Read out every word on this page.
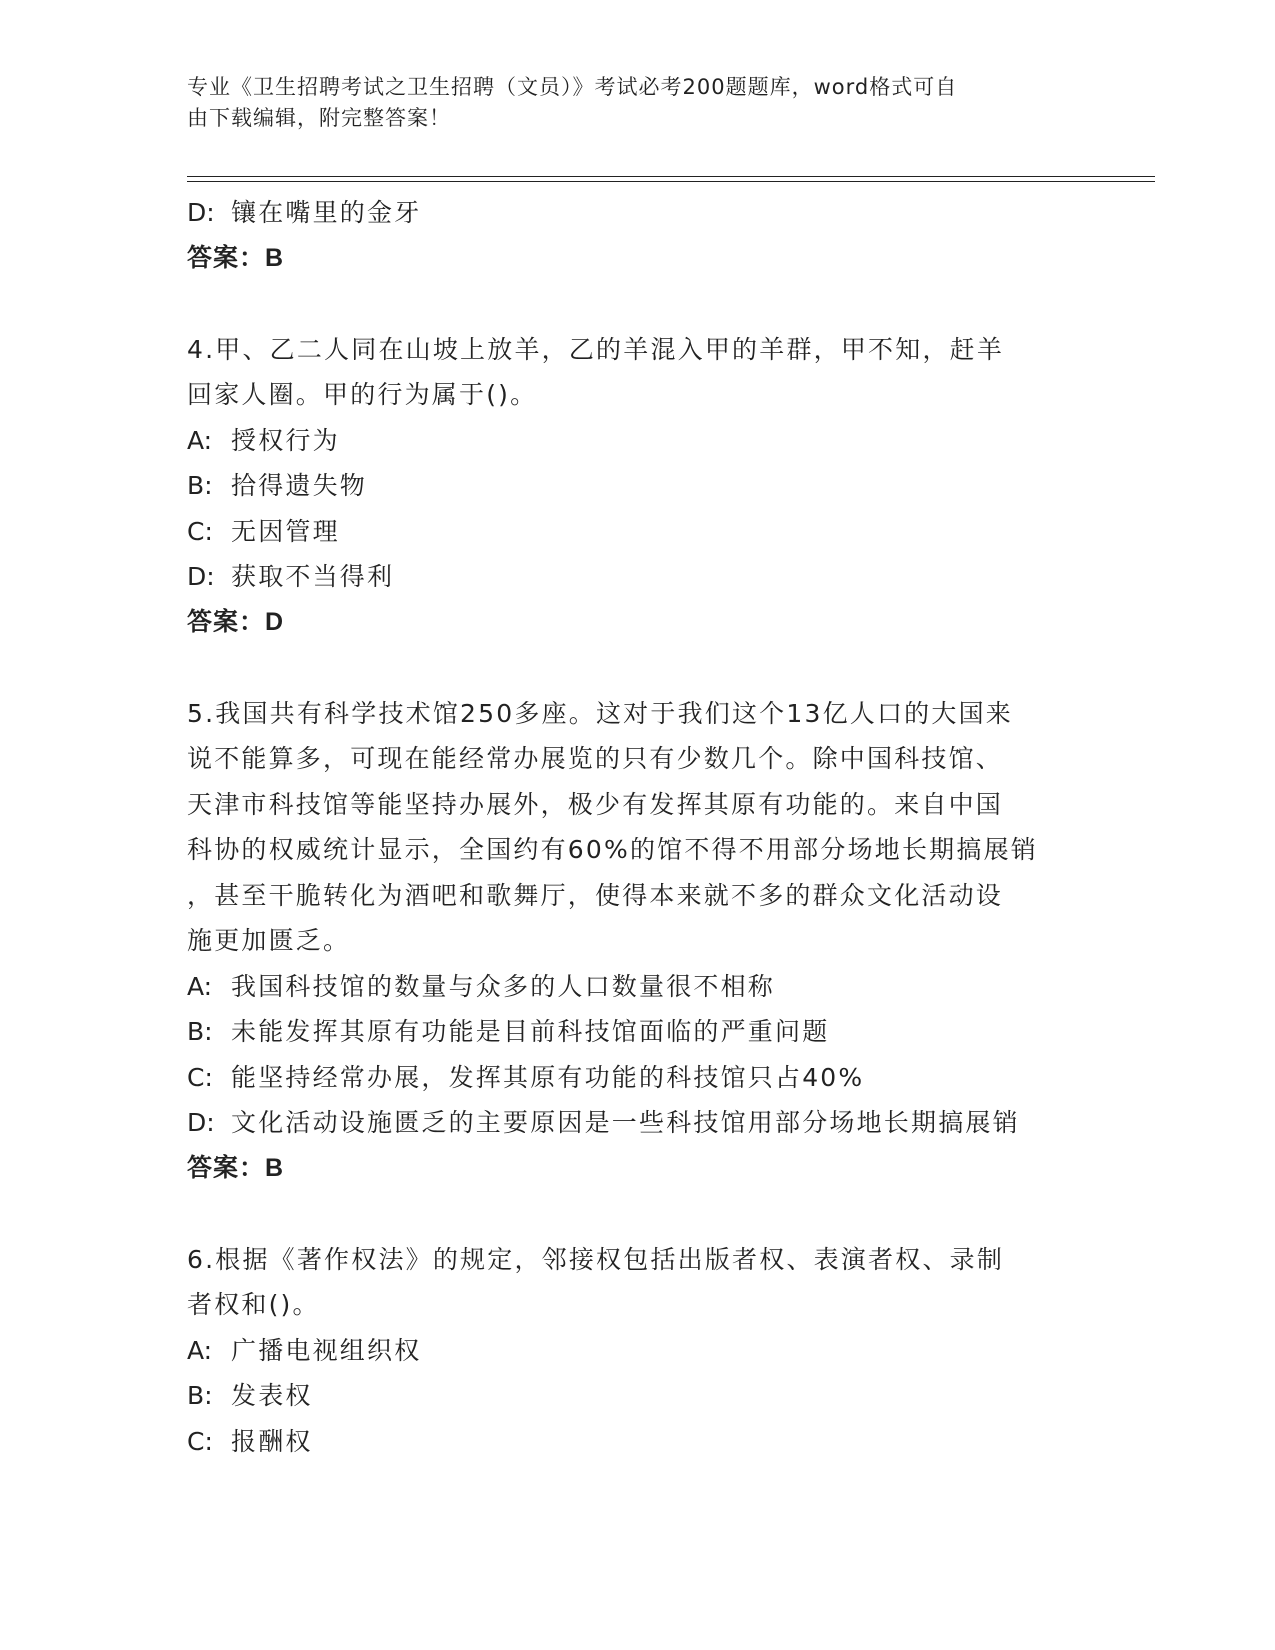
专业《卫生招聘考试之卫生招聘（文员）》考试必考200题题库，word格式可自
由下载编辑，附完整答案！
D: 镶在嘴里的金牙
答案：B
4.甲、乙二人同在山坡上放羊，乙的羊混入甲的羊群，甲不知，赶羊
回家人圈。甲的行为属于()。
A: 授权行为
B: 拾得遗失物
C: 无因管理
D: 获取不当得利
答案：D
5.我国共有科学技术馆250多座。这对于我们这个13亿人口的大国来
说不能算多，可现在能经常办展览的只有少数几个。除中国科技馆、
天津市科技馆等能坚持办展外，极少有发挥其原有功能的。来自中国
科协的权威统计显示，全国约有60%的馆不得不用部分场地长期搞展销
，甚至干脆转化为酒吧和歌舞厅，使得本来就不多的群众文化活动设
施更加匮乏。
A: 我国科技馆的数量与众多的人口数量很不相称
B: 未能发挥其原有功能是目前科技馆面临的严重问题
C: 能坚持经常办展，发挥其原有功能的科技馆只占40%
D: 文化活动设施匮乏的主要原因是一些科技馆用部分场地长期搞展销
答案：B
6.根据《著作权法》的规定，邻接权包括出版者权、表演者权、录制
者权和()。
A: 广播电视组织权
B: 发表权
C: 报酬权
